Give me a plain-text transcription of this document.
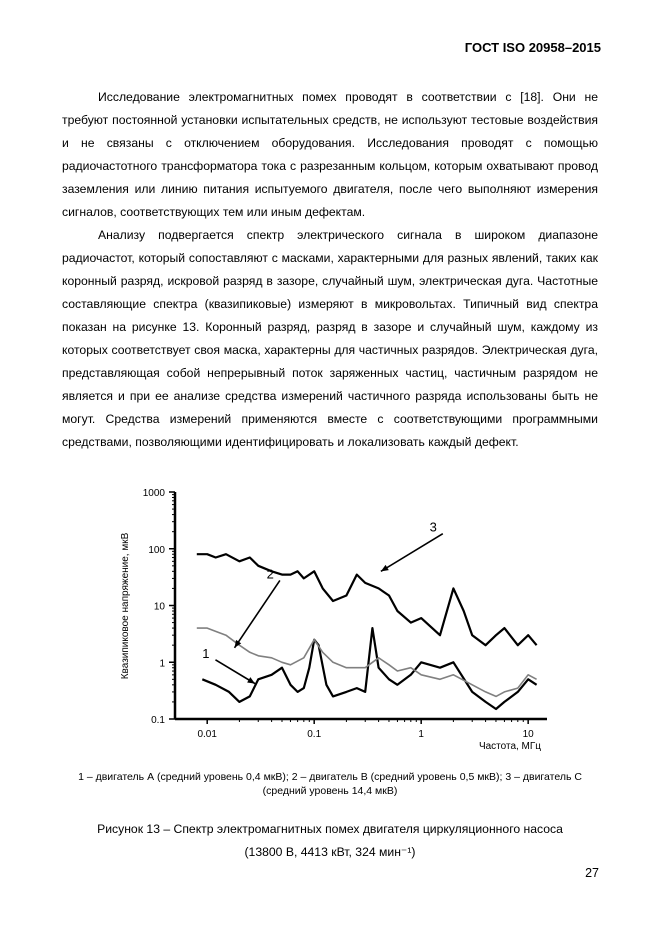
ГОСТ ISO 20958–2015

Исследование электромагнитных помех проводят в соответствии с [18]. Они не требуют постоянной установки испытательных средств, не используют тестовые воздействия и не связаны с отключением оборудования. Исследования проводят с помощью радиочастотного трансформатора тока с разрезанным кольцом, которым охватывают провод заземления или линию питания испытуемого двигателя, после чего выполняют измерения сигналов, соответствующих тем или иным дефектам.

Анализу подвергается спектр электрического сигнала в широком диапазоне радиочастот, который сопоставляют с масками, характерными для разных явлений, таких как коронный разряд, искровой разряд в зазоре, случайный шум, электрическая дуга. Частотные составляющие спектра (квазипиковые) измеряют в микровольтах. Типичный вид спектра показан на рисунке 13. Коронный разряд, разряд в зазоре и случайный шум, каждому из которых соответствует своя маска, характерны для частичных разрядов. Электрическая дуга, представляющая собой непрерывный поток заряженных частиц, частичным разрядом не является и при ее анализе средства измерений частичного разряда использованы быть не могут. Средства измерений применяются вместе с соответствующими программными средствами, позволяющими идентифицировать и локализовать каждый дефект.

0.1
1
10
100
1000
0.01	0.1	1	10
1
2
3
Квазипиковое напряжение, мкВ
Частота, МГц
1 – двигатель А (средний уровень 0,4 мкВ); 2 – двигатель В (средний уровень 0,5 мкВ); 3 – двигатель С (средний уровень 14,4 мкВ)
Рисунок 13 – Спектр электромагнитных помех двигателя циркуляционного насоса
(13800 В, 4413 кВт, 324 мин⁻¹)
27
